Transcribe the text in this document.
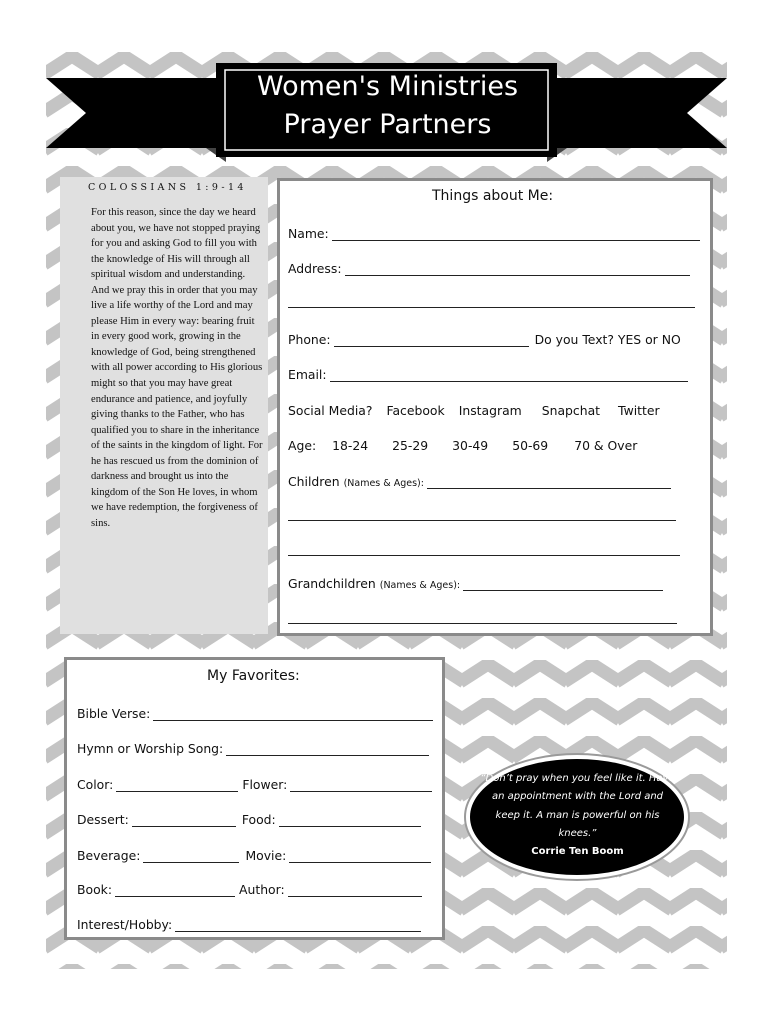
Women's Ministries
Prayer Partners
COLOSSIANS 1:9-14

For this reason, since the day we heard about you, we have not stopped praying for you and asking God to fill you with the knowledge of His will through all spiritual wisdom and understanding. And we pray this in order that you may live a life worthy of the Lord and may please Him in every way: bearing fruit in every good work, growing in the knowledge of God, being strengthened with all power according to His glorious might so that you may have great endurance and patience, and joyfully giving thanks to the Father, who has qualified you to share in the inheritance of the saints in the kingdom of light. For he has rescued us from the dominion of darkness and brought us into the kingdom of the Son He loves, in whom we have redemption, the forgiveness of sins.

Things about Me:
Name:
Address:
Phone:	Do you Text? YES or NO
Email:
Social Media? Facebook Instagram Snapchat Twitter
Age: 18-24 25-29 30-49 50-69 70 & Over
Children (Names & Ages):
Grandchildren (Names & Ages):
My Favorites:
Bible Verse:
Hymn or Worship Song:
Color:	Flower:
Dessert:	Food:
Beverage:	Movie:
Book:	Author:
Interest/Hobby:
“Don’t pray when you feel like it. Have an appointment with the Lord and keep it. A man is powerful on his knees.”
Corrie Ten Boom
